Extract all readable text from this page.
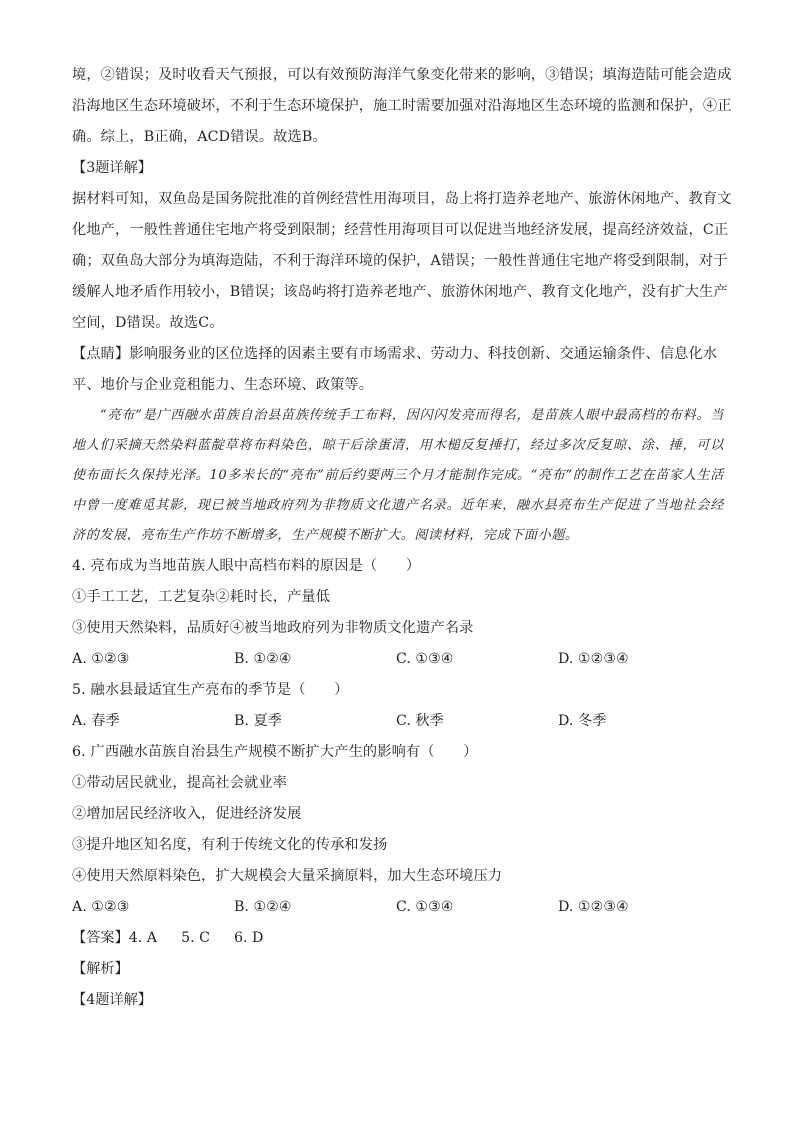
境，②错误；及时收看天气预报，可以有效预防海洋气象变化带来的影响，③错误；填海造陆可能会造成

沿海地区生态环境破坏，不利于生态环境保护，施工时需要加强对沿海地区生态环境的监测和保护，④正

确。综上，B正确，ACD错误。故选B。

【3题详解】

据材料可知，双鱼岛是国务院批准的首例经营性用海项目，岛上将打造养老地产、旅游休闲地产、教育文

化地产，一般性普通住宅地产将受到限制；经营性用海项目可以促进当地经济发展，提高经济效益，C正

确；双鱼岛大部分为填海造陆，不利于海洋环境的保护，A错误；一般性普通住宅地产将受到限制，对于

缓解人地矛盾作用较小，B错误；该岛屿将打造养老地产、旅游休闲地产、教育文化地产，没有扩大生产

空间，D错误。故选C。

【点睛】影响服务业的区位选择的因素主要有市场需求、劳动力、科技创新、交通运输条件、信息化水

平、地价与企业竞租能力、生态环境、政策等。

“亮布”是广西融水苗族自治县苗族传统手工布料，因闪闪发亮而得名，是苗族人眼中最高档的布料。当地人们采摘天然染料蓝靛草将布料染色，晾干后涂蛋清，用木槌反复捶打，经过多次反复晾、涂、捶，可以使布面长久保持光泽。10多米长的“亮布”前后约要两三个月才能制作完成。“亮布”的制作工艺在苗家人生活中曾一度难觅其影，现已被当地政府列为非物质文化遗产名录。近年来，融水县亮布生产促进了当地社会经济的发展，亮布生产作坊不断增多，生产规模不断扩大。阅读材料，完成下面小题。

4. 亮布成为当地苗族人眼中高档布料的原因是（　　）

①手工工艺，工艺复杂②耗时长，产量低

③使用天然染料，品质好④被当地政府列为非物质文化遗产名录

A. ①②③	B. ①②④	C. ①③④	D. ①②③④

5. 融水县最适宜生产亮布的季节是（　　）

A. 春季	B. 夏季	C. 秋季	D. 冬季

6. 广西融水苗族自治县生产规模不断扩大产生的影响有（　　）

①带动居民就业，提高社会就业率

②增加居民经济收入，促进经济发展

③提升地区知名度，有利于传统文化的传承和发扬

④使用天然原料染色，扩大规模会大量采摘原料，加大生态环境压力

A. ①②③	B. ①②④	C. ①③④	D. ①②③④

【答案】4. A 5. C 6. D

【解析】

【4题详解】
